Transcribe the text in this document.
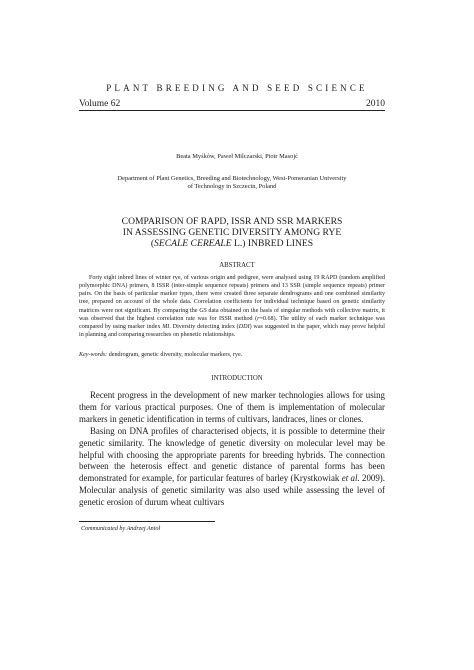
PLANT BREEDING AND SEED SCIENCE
Volume 62	2010
Beata Myśków, Paweł Milczarski, Piotr Masojć
Department of Plant Genetics, Breeding and Biotechnology, West-Pomeranian University
of Technology in Szczecin, Poland
COMPARISON OF RAPD, ISSR AND SSR MARKERS
IN ASSESSING GENETIC DIVERSITY AMONG RYE
(SECALE CEREALE L.) INBRED LINES
ABSTRACT
Forty eight inbred lines of winter rye, of various origin and pedigree, were analysed using 19 RAPD (random amplified polymorphic DNA) primers, 8 ISSR (inter-simple sequence repeats) primers and 13 SSR (simple sequence repeats) primer pairs. On the basis of particular marker types, there were created three separate dendrograms and one combined similarity tree, prepared on account of the whole data. Correlation coefficients for individual technique based on genetic similarity matrices were not significant. By comparing the GS data obtained on the basis of singular methods with collective matrix, it was observed that the highest correlation rate was for ISSR method (r=0.68). The utility of each marker technique was compared by using marker index MI. Diversity detecting index (DDI) was suggested in the paper, which may prove helpful in planning and comparing researches on phenetic relationships.
Key-words: dendrogram, genetic diversity, molecular markers, rye.
INTRODUCTION

Recent progress in the development of new marker technologies allows for using them for various practical purposes. One of them is implementation of molecular markers in genetic identification in terms of cultivars, landraces, lines or clones.

Basing on DNA profiles of characterised objects, it is possible to determine their genetic similarity. The knowledge of genetic diversity on molecular level may be helpful with choosing the appropriate parents for breeding hybrids. The connection between the heterosis effect and genetic distance of parental forms has been demonstrated for example, for particular features of barley (Krystkowiak et al. 2009). Molecular analysis of genetic similarity was also used while assessing the level of genetic erosion of durum wheat cultivars

Communicated by Andrzej Anioł
